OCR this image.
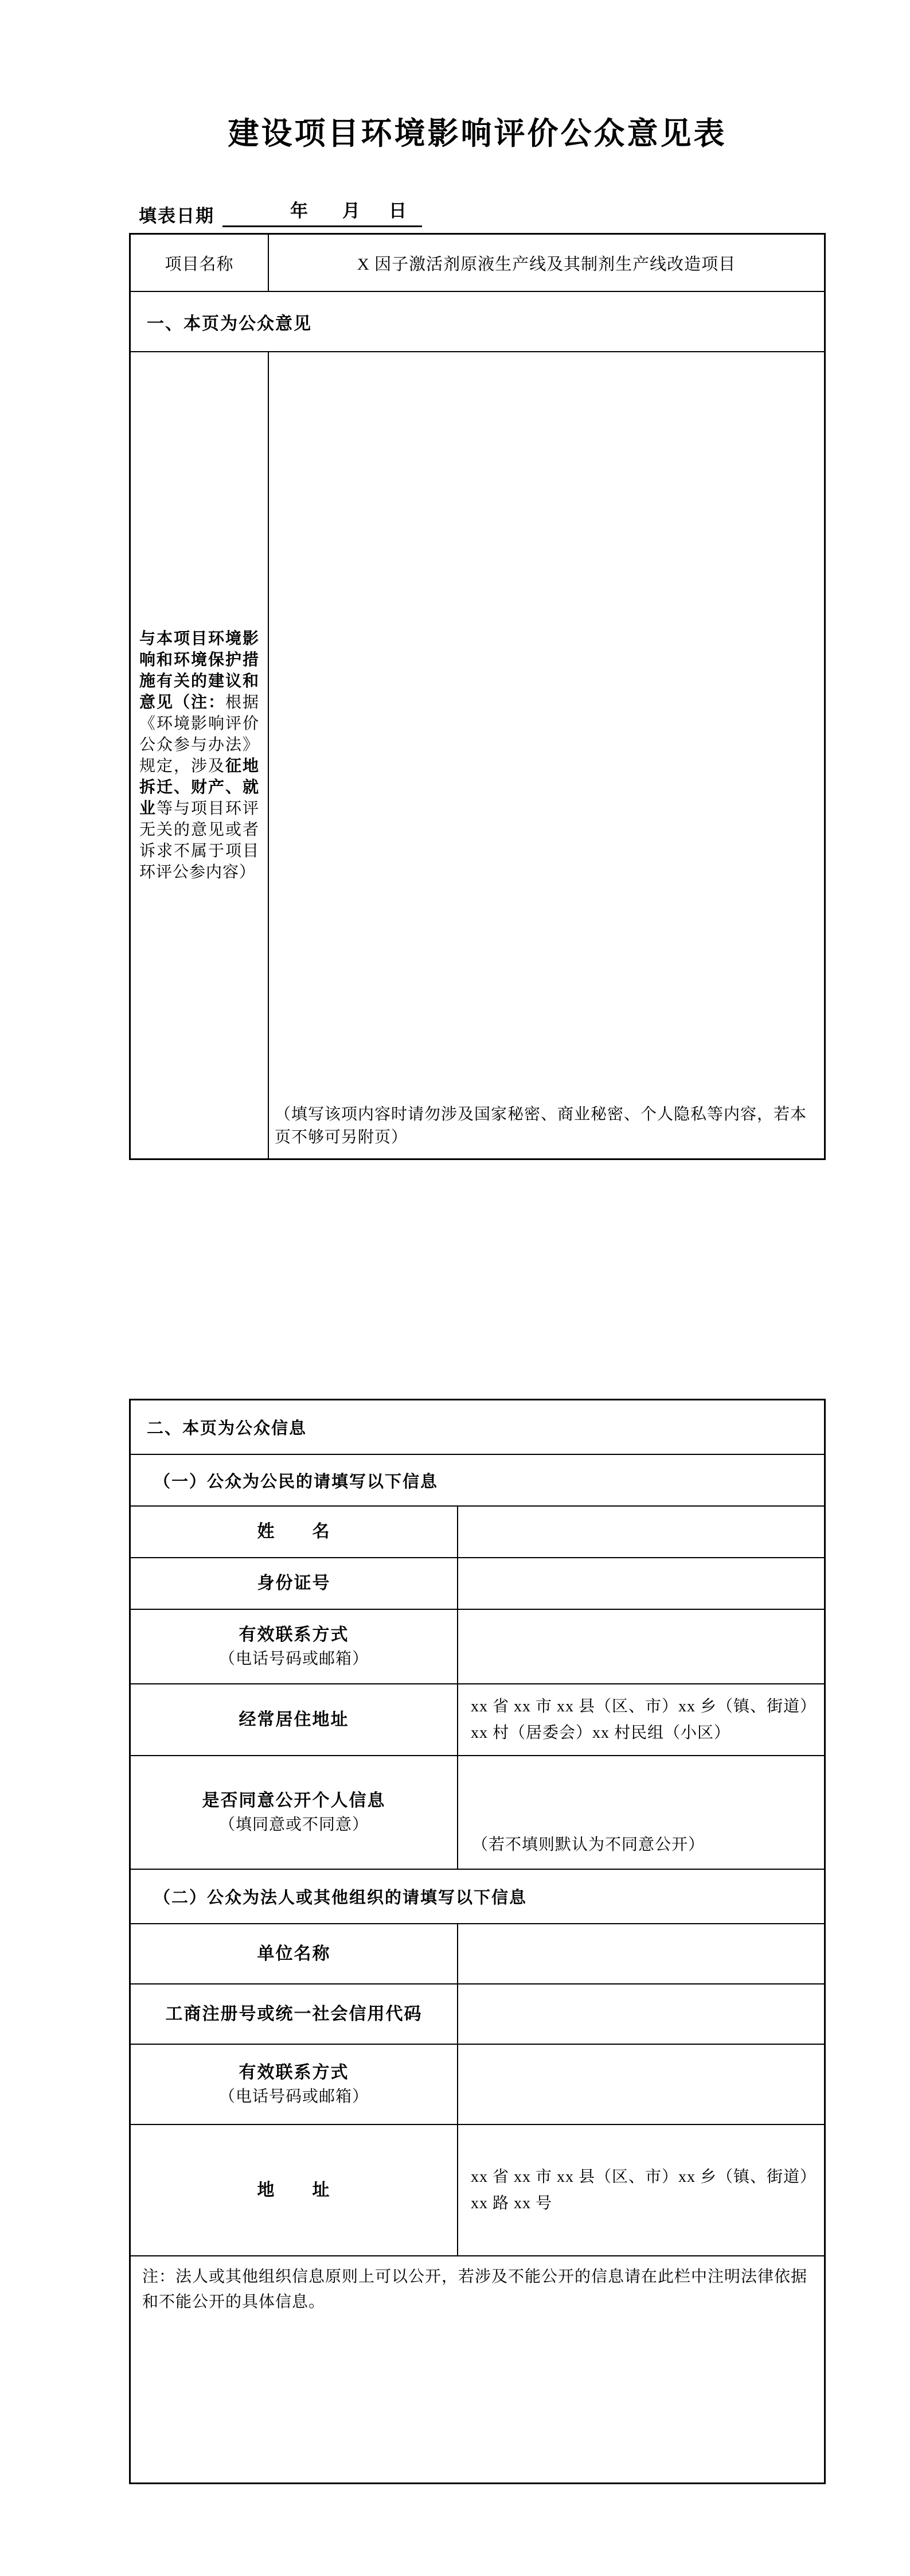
建设项目环境影响评价公众意见表
填表日期	年 月 日
项目名称	X 因子激活剂原液生产线及其制剂生产线改造项目
一、本页为公众意见
与本项目环境影响和环境保护措施有关的建议和意见（注：根据《环境影响评价公众参与办法》规定，涉及征地拆迁、财产、就业等与项目环评无关的意见或者诉求不属于项目环评公参内容）
（填写该项内容时请勿涉及国家秘密、商业秘密、个人隐私等内容，若本页不够可另附页）
二、本页为公众信息
（一）公众为公民的请填写以下信息
姓　　名
身份证号
有效联系方式
（电话号码或邮箱）
经常居住地址
xx 省 xx 市 xx 县（区、市）xx 乡（镇、街道）xx 村（居委会）xx 村民组（小区）
是否同意公开个人信息
（填同意或不同意）
（若不填则默认为不同意公开）
（二）公众为法人或其他组织的请填写以下信息
单位名称
工商注册号或统一社会信用代码
有效联系方式
（电话号码或邮箱）
地　　址
xx 省 xx 市 xx 县（区、市）xx 乡（镇、街道）xx 路 xx 号
注：法人或其他组织信息原则上可以公开，若涉及不能公开的信息请在此栏中注明法律依据和不能公开的具体信息。
